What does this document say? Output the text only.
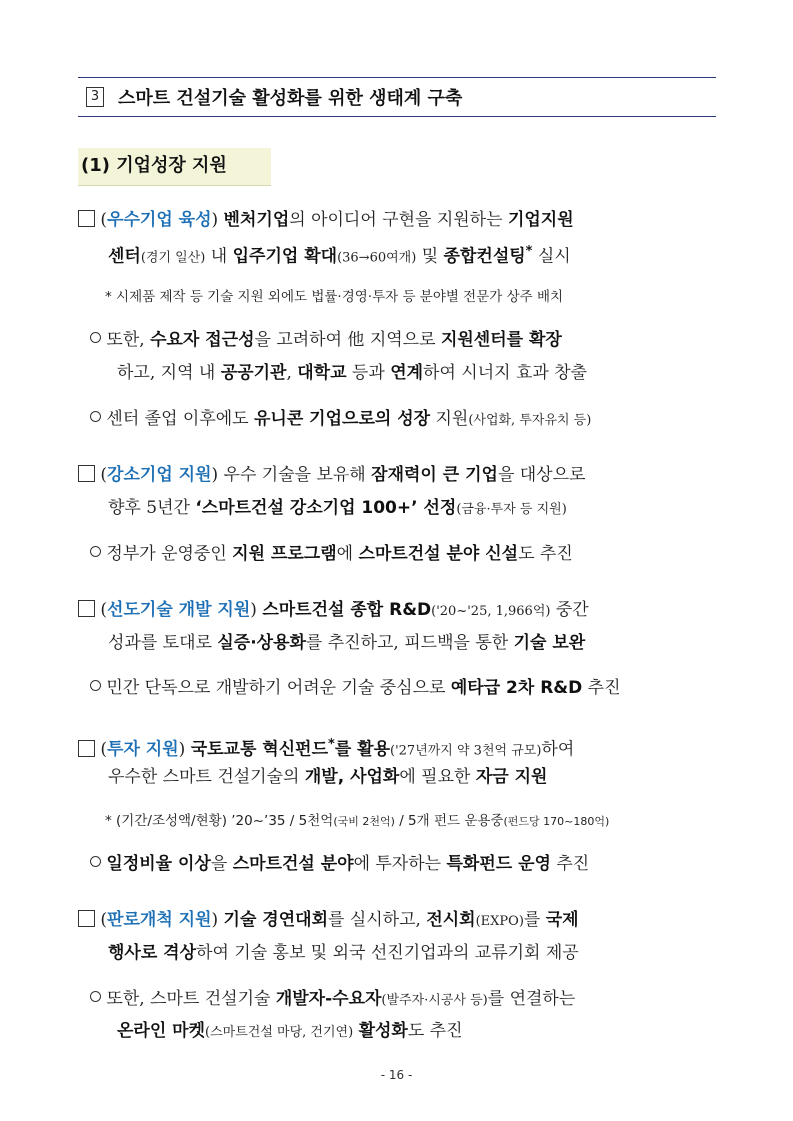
3 스마트 건설기술 활성화를 위한 생태계 구축
(1) 기업성장 지원
(우수기업 육성) 벤처기업의 아이디어 구현을 지원하는 기업지원
센터(경기 일산) 내 입주기업 확대(36→60여개) 및 종합컨설팅* 실시
* 시제품 제작 등 기술 지원 외에도 법률·경영·투자 등 분야별 전문가 상주 배치
또한, 수요자 접근성을 고려하여 他 지역으로 지원센터를 확장
하고, 지역 내 공공기관, 대학교 등과 연계하여 시너지 효과 창출
센터 졸업 이후에도 유니콘 기업으로의 성장 지원(사업화, 투자유치 등)
(강소기업 지원) 우수 기술을 보유해 잠재력이 큰 기업을 대상으로
향후 5년간 ‘스마트건설 강소기업 100+’ 선정(금융·투자 등 지원)
정부가 운영중인 지원 프로그램에 스마트건설 분야 신설도 추진
(선도기술 개발 지원) 스마트건설 종합 R&D('20~'25, 1,966억) 중간
성과를 토대로 실증·상용화를 추진하고, 피드백을 통한 기술 보완
민간 단독으로 개발하기 어려운 기술 중심으로 예타급 2차 R&D 추진
(투자 지원) 국토교통 혁신펀드*를 활용('27년까지 약 3천억 규모)하여
우수한 스마트 건설기술의 개발, 사업화에 필요한 자금 지원
* (기간/조성액/현황) ’20~’35 / 5천억(국비 2천억) / 5개 펀드 운용중(펀드당 170~180억)
일정비율 이상을 스마트건설 분야에 투자하는 특화펀드 운영 추진
(판로개척 지원) 기술 경연대회를 실시하고, 전시회(EXPO)를 국제
행사로 격상하여 기술 홍보 및 외국 선진기업과의 교류기회 제공
또한, 스마트 건설기술 개발자-수요자(발주자·시공사 등)를 연결하는
온라인 마켓(스마트건설 마당, 건기연) 활성화도 추진
- 16 -
